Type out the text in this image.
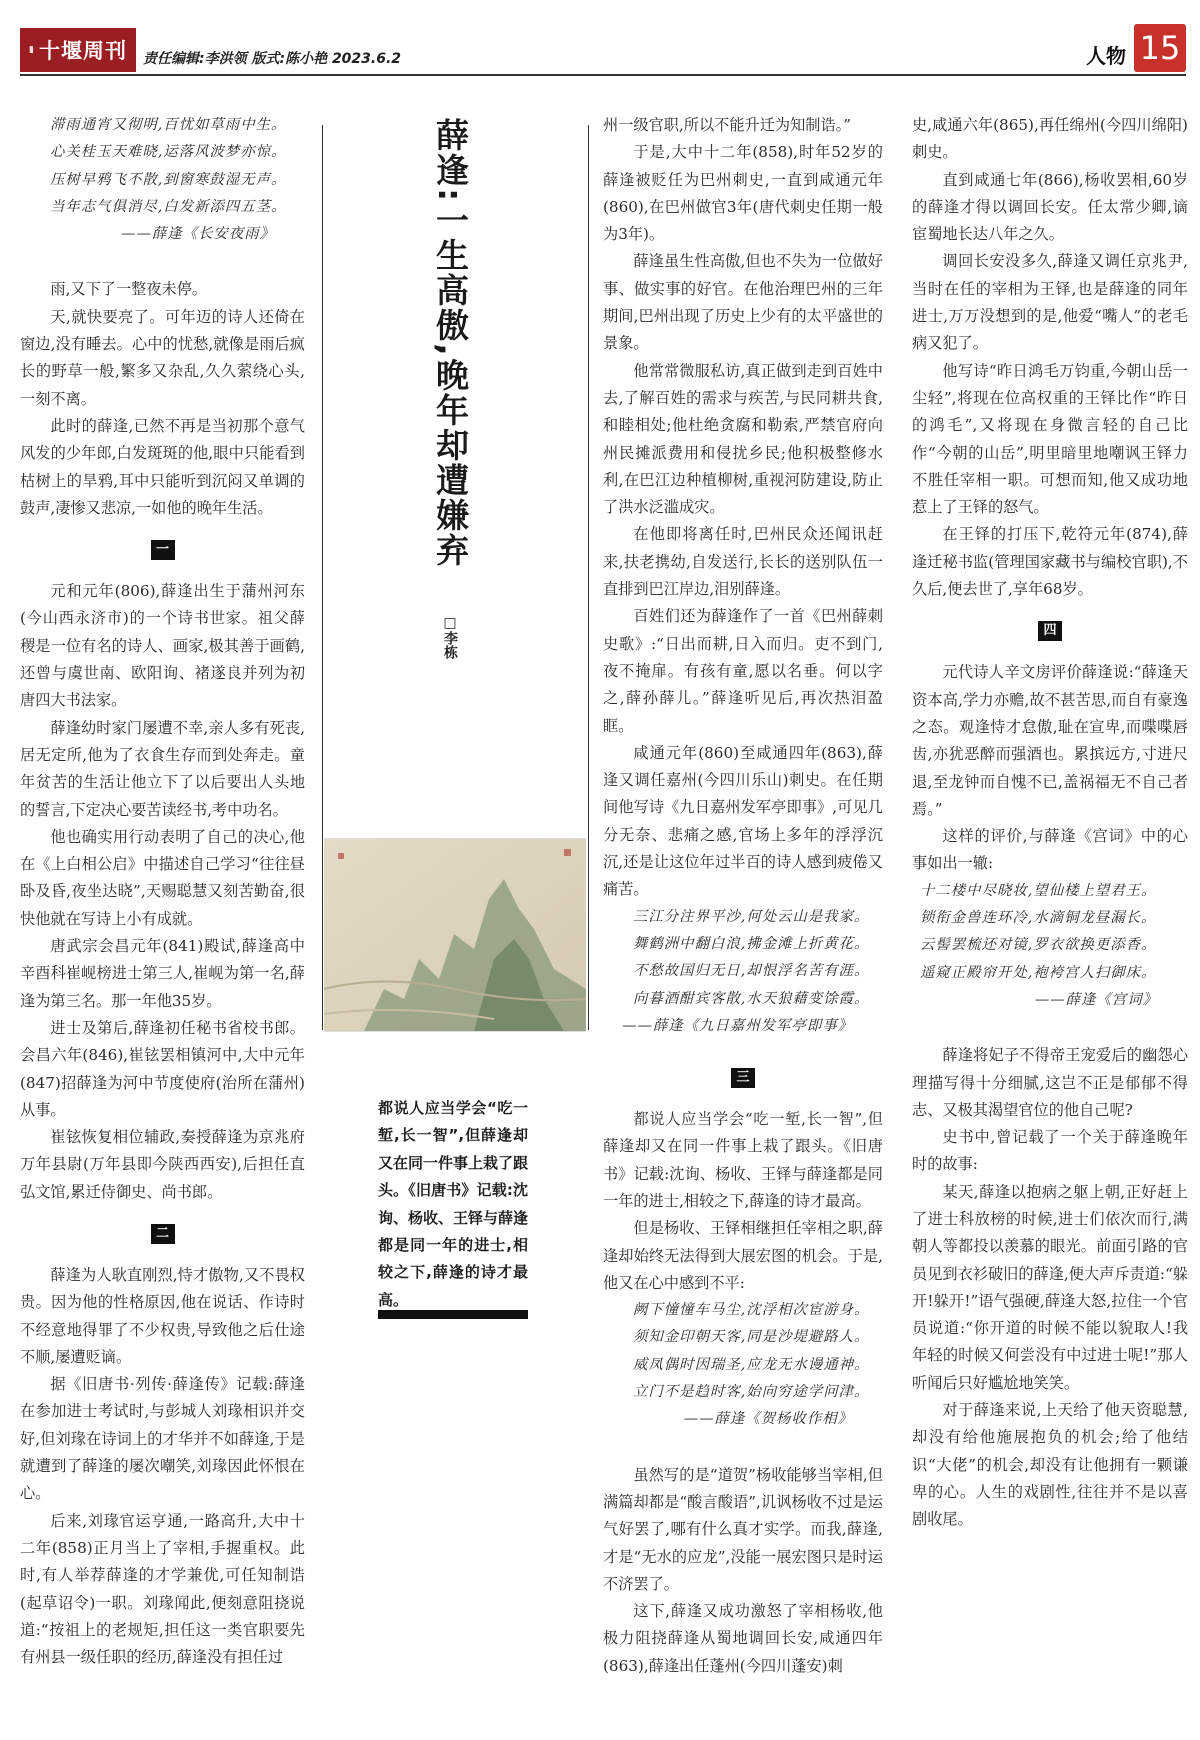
▮ 十堰周刊 责任编辑:李洪领 版式:陈小艳 2023.6.2	人物 15

滞雨通宵又彻明,百忧如草雨中生。

心关桂玉天难晓,运落风波梦亦惊。

压树早鸦飞不散,到窗寒鼓湿无声。

当年志气俱消尽,白发新添四五茎。

——薛逢《长安夜雨》

雨,又下了一整夜未停。

天,就快要亮了。可年迈的诗人还倚在窗边,没有睡去。心中的忧愁,就像是雨后疯长的野草一般,繁多又杂乱,久久萦绕心头,一刻不离。

此时的薛逢,已然不再是当初那个意气风发的少年郎,白发斑斑的他,眼中只能看到枯树上的旱鸦,耳中只能听到沉闷又单调的鼓声,凄惨又悲凉,一如他的晚年生活。

一

元和元年(806),薛逢出生于蒲州河东(今山西永济市)的一个诗书世家。祖父薛稷是一位有名的诗人、画家,极其善于画鹤,还曾与虞世南、欧阳询、褚遂良并列为初唐四大书法家。

薛逢幼时家门屡遭不幸,亲人多有死丧,居无定所,他为了衣食生存而到处奔走。童年贫苦的生活让他立下了以后要出人头地的誓言,下定决心要苦读经书,考中功名。

他也确实用行动表明了自己的决心,他在《上白相公启》中描述自己学习“往往昼卧及昏,夜坐达晓”,天赐聪慧又刻苦勤奋,很快他就在写诗上小有成就。

唐武宗会昌元年(841)殿试,薛逢高中辛酉科崔岘榜进士第三人,崔岘为第一名,薛逢为第三名。那一年他35岁。

进士及第后,薛逢初任秘书省校书郎。会昌六年(846),崔铉罢相镇河中,大中元年(847)招薛逢为河中节度使府(治所在蒲州)从事。

崔铉恢复相位辅政,奏授薛逢为京兆府万年县尉(万年县即今陕西西安),后担任直弘文馆,累迁侍御史、尚书郎。

二

薛逢为人耿直刚烈,恃才傲物,又不畏权贵。因为他的性格原因,他在说话、作诗时不经意地得罪了不少权贵,导致他之后仕途不顺,屡遭贬谪。

据《旧唐书·列传·薛逢传》记载:薛逢在参加进士考试时,与彭城人刘瑑相识并交好,但刘瑑在诗词上的才华并不如薛逢,于是就遭到了薛逢的屡次嘲笑,刘瑑因此怀恨在心。

后来,刘瑑官运亨通,一路高升,大中十二年(858)正月当上了宰相,手握重权。此时,有人举荐薛逢的才学兼优,可任知制诰(起草诏令)一职。刘瑑闻此,便刻意阻挠说道:“按祖上的老规矩,担任这一类官职要先有州县一级任职的经历,薛逢没有担任过

薛逢:一生高傲,晚年却遭嫌弃
□李栋
都说人应当学会“吃一堑,长一智”,但薛逢却又在同一件事上栽了跟头。《旧唐书》记载:沈询、杨收、王铎与薛逢都是同一年的进士,相较之下,薛逢的诗才最高。

州一级官职,所以不能升迁为知制诰。”

于是,大中十二年(858),时年52岁的薛逢被贬任为巴州刺史,一直到咸通元年(860),在巴州做官3年(唐代刺史任期一般为3年)。

薛逢虽生性高傲,但也不失为一位做好事、做实事的好官。在他治理巴州的三年期间,巴州出现了历史上少有的太平盛世的景象。

他常常微服私访,真正做到走到百姓中去,了解百姓的需求与疾苦,与民同耕共食,和睦相处;他杜绝贪腐和勒索,严禁官府向州民摊派费用和侵扰乡民;他积极整修水利,在巴江边种植柳树,重视河防建设,防止了洪水泛滥成灾。

在他即将离任时,巴州民众还闻讯赶来,扶老携幼,自发送行,长长的送别队伍一直排到巴江岸边,泪别薛逢。

百姓们还为薛逢作了一首《巴州薛刺史歌》:“日出而耕,日入而归。吏不到门,夜不掩扉。有孩有童,愿以名垂。何以字之,薛孙薛儿。”薛逢听见后,再次热泪盈眶。

咸通元年(860)至咸通四年(863),薛逢又调任嘉州(今四川乐山)刺史。在任期间他写诗《九日嘉州发军亭即事》,可见几分无奈、悲痛之感,官场上多年的浮浮沉沉,还是让这位年过半百的诗人感到疲倦又痛苦。

三江分注界平沙,何处云山是我家。

舞鹤洲中翻白浪,拂金滩上折黄花。

不愁故国归无日,却恨浮名苦有涯。

向暮酒酣宾客散,水天狼藉变馀霞。

——薛逢《九日嘉州发军亭即事》

三

都说人应当学会“吃一堑,长一智”,但薛逢却又在同一件事上栽了跟头。《旧唐书》记载:沈询、杨收、王铎与薛逢都是同一年的进士,相较之下,薛逢的诗才最高。

但是杨收、王铎相继担任宰相之职,薛逢却始终无法得到大展宏图的机会。于是,他又在心中感到不平:

阙下憧憧车马尘,沈浮相次宦游身。

须知金印朝天客,同是沙堤避路人。

威凤偶时因瑞圣,应龙无水谩通神。

立门不是趋时客,始向穷途学问津。

——薛逢《贺杨收作相》

虽然写的是“道贺”杨收能够当宰相,但满篇却都是“酸言酸语”,讥讽杨收不过是运气好罢了,哪有什么真才实学。而我,薛逢,才是“无水的应龙”,没能一展宏图只是时运不济罢了。

这下,薛逢又成功激怒了宰相杨收,他极力阻挠薛逢从蜀地调回长安,咸通四年(863),薛逢出任蓬州(今四川蓬安)刺

史,咸通六年(865),再任绵州(今四川绵阳)刺史。

直到咸通七年(866),杨收罢相,60岁的薛逢才得以调回长安。任太常少卿,谪宦蜀地长达八年之久。

调回长安没多久,薛逢又调任京兆尹,当时在任的宰相为王铎,也是薛逢的同年进士,万万没想到的是,他爱“嘴人”的老毛病又犯了。

他写诗“昨日鸿毛万钧重,今朝山岳一尘轻”,将现在位高权重的王铎比作“昨日的鸿毛”,又将现在身微言轻的自己比作“今朝的山岳”,明里暗里地嘲讽王铎力不胜任宰相一职。可想而知,他又成功地惹上了王铎的怒气。

在王铎的打压下,乾符元年(874),薛逢迁秘书监(管理国家藏书与编校官职),不久后,便去世了,享年68岁。

四

元代诗人辛文房评价薛逢说:“薛逢天资本高,学力亦赡,故不甚苦思,而自有豪逸之态。观逢恃才怠傲,耻在宣卑,而喋喋唇齿,亦犹恶醉而强酒也。累摈远方,寸进尺退,至龙钟而自愧不已,盖祸福无不自己者焉。”

这样的评价,与薛逢《宫词》中的心事如出一辙:

十二楼中尽晓妆,望仙楼上望君王。

锁衔金兽连环冷,水滴铜龙昼漏长。

云髻罢梳还对镜,罗衣欲换更添香。

遥窥正殿帘开处,袍袴宫人扫御床。

——薛逢《宫词》

薛逢将妃子不得帝王宠爱后的幽怨心理描写得十分细腻,这岂不正是郁郁不得志、又极其渴望官位的他自己呢?

史书中,曾记载了一个关于薛逢晚年时的故事:

某天,薛逢以抱病之躯上朝,正好赶上了进士科放榜的时候,进士们依次而行,满朝人等都投以羡慕的眼光。前面引路的官员见到衣衫破旧的薛逢,便大声斥责道:“躲开!躲开!”语气强硬,薛逢大怒,拉住一个官员说道:“你开道的时候不能以貌取人!我年轻的时候又何尝没有中过进士呢!”那人听闻后只好尴尬地笑笑。

对于薛逢来说,上天给了他天资聪慧,却没有给他施展抱负的机会;给了他结识“大佬”的机会,却没有让他拥有一颗谦卑的心。人生的戏剧性,往往并不是以喜剧收尾。
